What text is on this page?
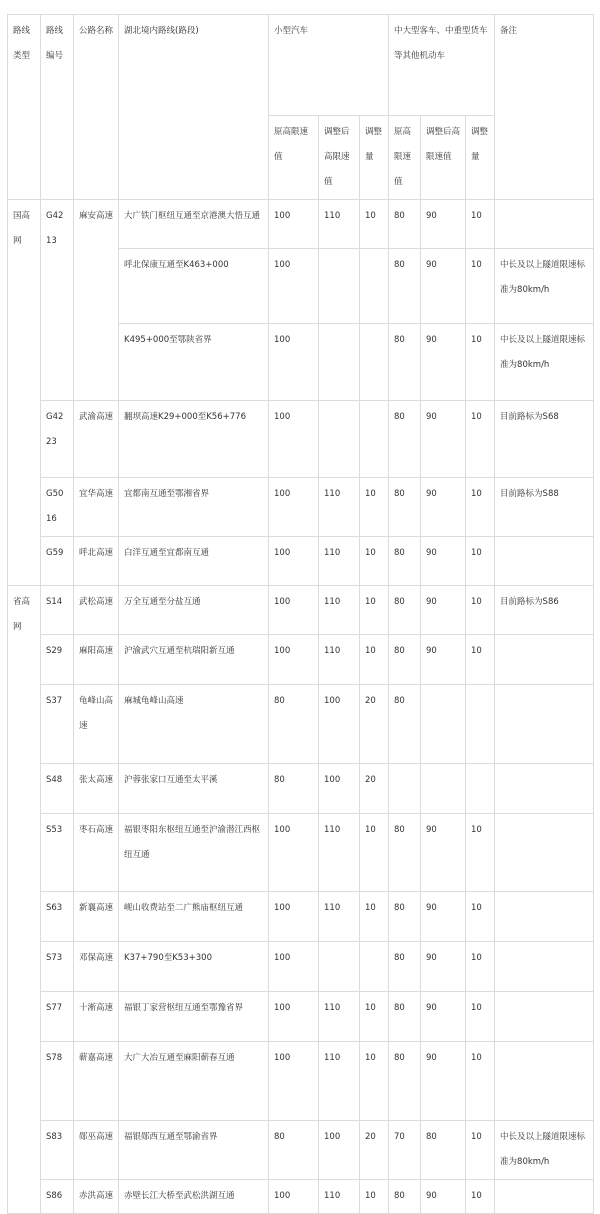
路线类型	路线编号	公路名称	湖北境内路线(路段)	小型汽车			中大型客车、中重型货车等其他机动车			备注
				原高限速值	调整后高限速值	调整量	原高限速值	调整后高限速值	调整量	
国高网	G4213	麻安高速	大广铁门枢纽互通至京港澳大悟互通	100	110	10	80	90	10	
			呼北保康互通至K463+000	100			80	90	10	中长及以上隧道限速标准为80km/h
			K495+000至鄂陕省界	100			80	90	10	中长及以上隧道限速标准为80km/h
	G4223	武渝高速	翻坝高速K29+000至K56+776	100			80	90	10	目前路标为S68
	G5016	宜华高速	宜都南互通至鄂湘省界	100	110	10	80	90	10	目前路标为S88
	G59	呼北高速	白洋互通至宜都南互通	100	110	10	80	90	10	
省高网	S14	武松高速	万全互通至分盐互通	100	110	10	80	90	10	目前路标为S86
	S29	麻阳高速	沪渝武穴互通至杭瑞阳新互通	100	110	10	80	90	10	
	S37	龟峰山高速	麻城龟峰山高速	80	100	20	80			
	S48	张太高速	沪蓉张家口互通至太平溪	80	100	20				
	S53	枣石高速	福银枣阳东枢纽互通至沪渝潜江西枢纽互通	100	110	10	80	90	10	
	S63	新襄高速	岘山收费站至二广熊庙枢纽互通	100	110	10	80	90	10	
	S73	邓保高速	K37+790至K53+300	100			80	90	10	
	S77	十淅高速	福银丁家营枢纽互通至鄂豫省界	100	110	10	80	90	10	
	S78	蕲嘉高速	大广大冶互通至麻阳蕲春互通	100	110	10	80	90	10	
	S83	郧巫高速	福银郧西互通至鄂渝省界	80	100	20	70	80	10	中长及以上隧道限速标准为80km/h
	S86	赤洪高速	赤壁长江大桥至武松洪湖互通	100	110	10	80	90	10	
